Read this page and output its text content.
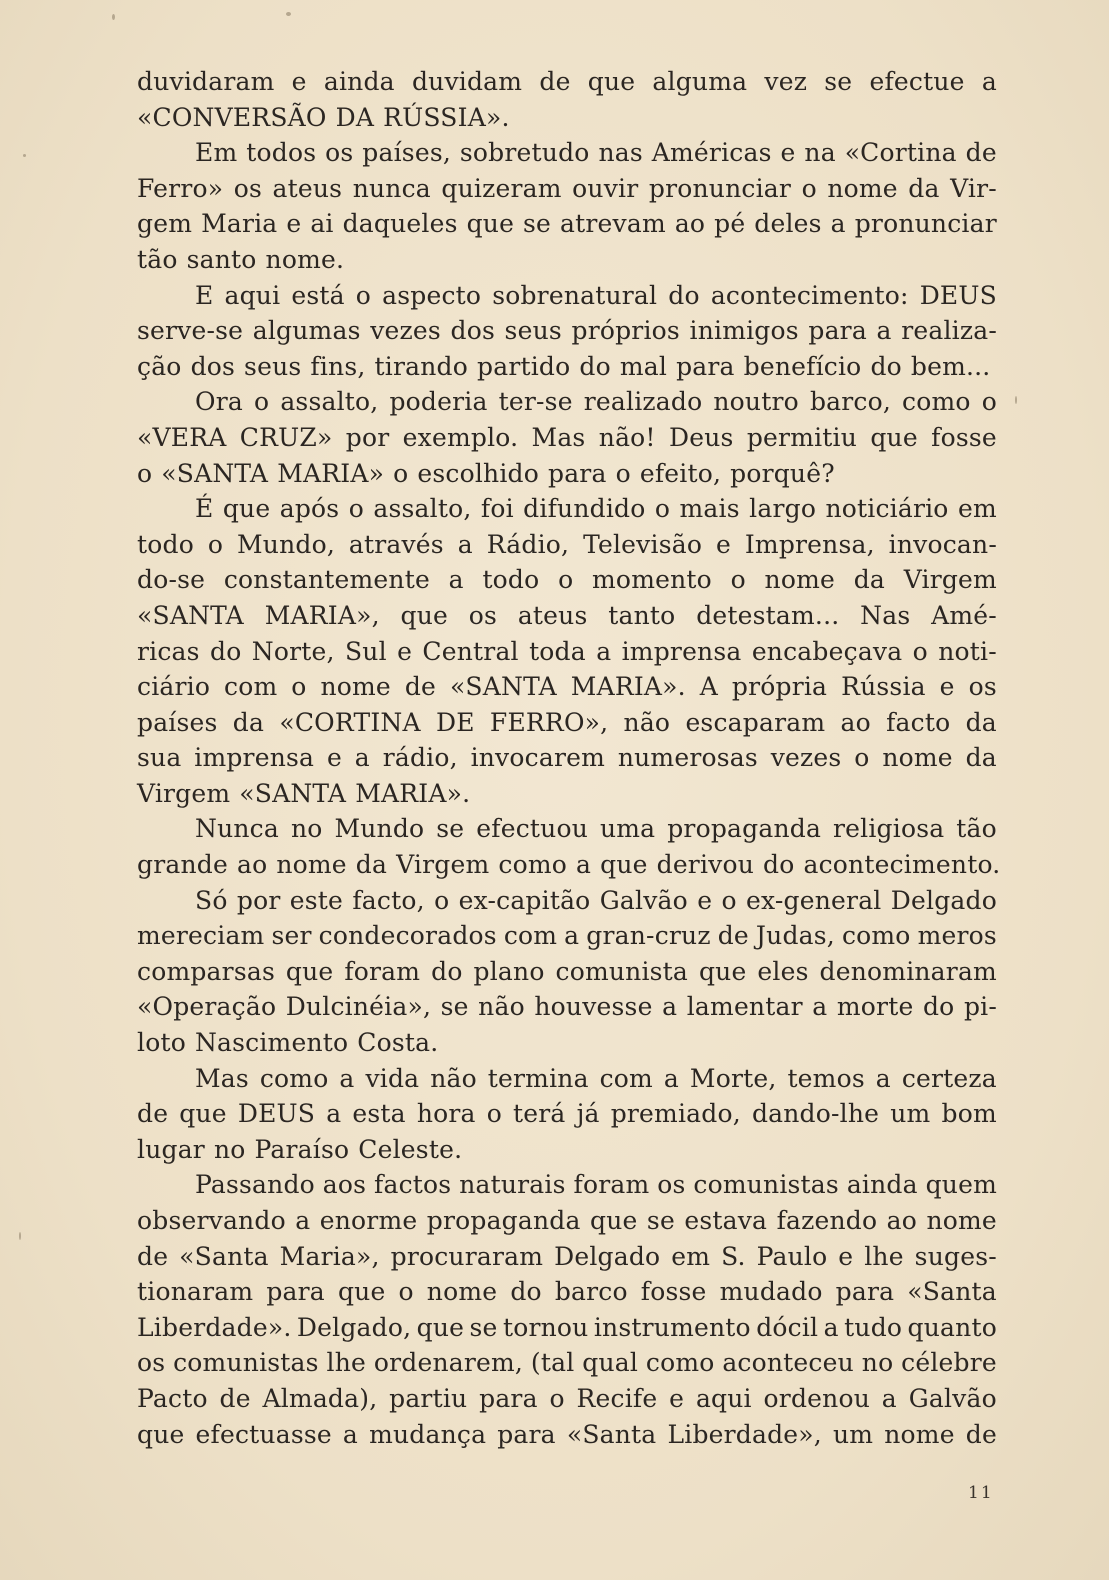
duvidaram e ainda duvidam de que alguma vez se efectue a
«CONVERSÃO DA RÚSSIA».
Em todos os países, sobretudo nas Américas e na «Cortina de
Ferro» os ateus nunca quizeram ouvir pronunciar o nome da Vir-
gem Maria e ai daqueles que se atrevam ao pé deles a pronunciar
tão santo nome.
E aqui está o aspecto sobrenatural do acontecimento: DEUS
serve-se algumas vezes dos seus próprios inimigos para a realiza-
ção dos seus fins, tirando partido do mal para benefício do bem...
Ora o assalto, poderia ter-se realizado noutro barco, como o
«VERA CRUZ» por exemplo. Mas não! Deus permitiu que fosse
o «SANTA MARIA» o escolhido para o efeito, porquê?
É que após o assalto, foi difundido o mais largo noticiário em
todo o Mundo, através a Rádio, Televisão e Imprensa, invocan-
do-se constantemente a todo o momento o nome da Virgem
«SANTA MARIA», que os ateus tanto detestam... Nas Amé-
ricas do Norte, Sul e Central toda a imprensa encabeçava o noti-
ciário com o nome de «SANTA MARIA». A própria Rússia e os
países da «CORTINA DE FERRO», não escaparam ao facto da
sua imprensa e a rádio, invocarem numerosas vezes o nome da
Virgem «SANTA MARIA».
Nunca no Mundo se efectuou uma propaganda religiosa tão
grande ao nome da Virgem como a que derivou do acontecimento.
Só por este facto, o ex-capitão Galvão e o ex-general Delgado
mereciam ser condecorados com a gran-cruz de Judas, como meros
comparsas que foram do plano comunista que eles denominaram
«Operação Dulcinéia», se não houvesse a lamentar a morte do pi-
loto Nascimento Costa.
Mas como a vida não termina com a Morte, temos a certeza
de que DEUS a esta hora o terá já premiado, dando-lhe um bom
lugar no Paraíso Celeste.
Passando aos factos naturais foram os comunistas ainda quem
observando a enorme propaganda que se estava fazendo ao nome
de «Santa Maria», procuraram Delgado em S. Paulo e lhe suges-
tionaram para que o nome do barco fosse mudado para «Santa
Liberdade». Delgado, que se tornou instrumento dócil a tudo quanto
os comunistas lhe ordenarem, (tal qual como aconteceu no célebre
Pacto de Almada), partiu para o Recife e aqui ordenou a Galvão
que efectuasse a mudança para «Santa Liberdade», um nome de
11
